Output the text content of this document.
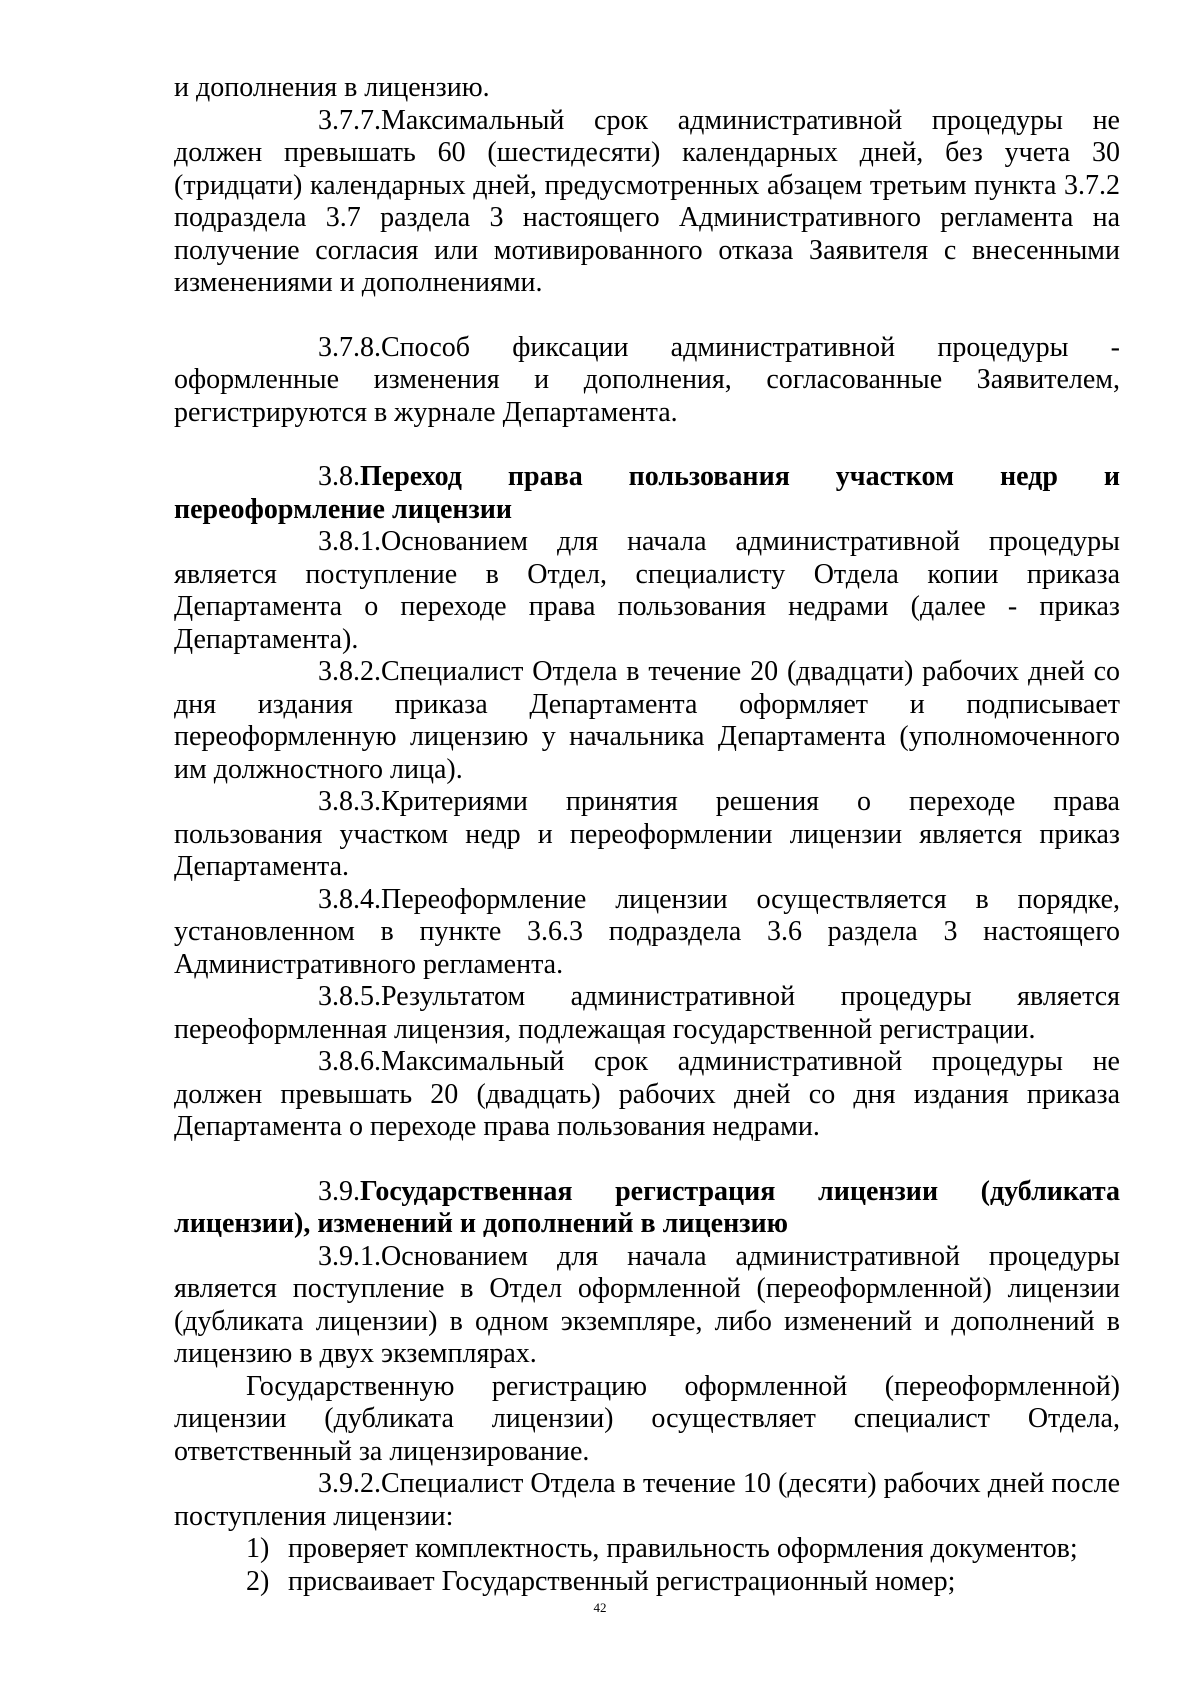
и дополнения в лицензию.

3.7.7.Максимальный срок административной процедуры не должен превышать 60 (шестидесяти) календарных дней, без учета 30 (тридцати) календарных дней, предусмотренных абзацем третьим пункта 3.7.2 подраздела 3.7 раздела 3 настоящего Административного регламента на получение согласия или мотивированного отказа Заявителя с внесенными изменениями и дополнениями.

3.7.8.Способ фиксации административной процедуры - оформленные изменения и дополнения, согласованные Заявителем, регистрируются в журнале Департамента.

3.8.Переход права пользования участком недр и переоформление лицензии

3.8.1.Основанием для начала административной процедуры является поступление в Отдел, специалисту Отдела копии приказа Департамента о переходе права пользования недрами (далее - приказ Департамента).

3.8.2.Специалист Отдела в течение 20 (двадцати) рабочих дней со дня издания приказа Департамента оформляет и подписывает переоформленную лицензию у начальника Департамента (уполномоченного им должностного лица).

3.8.3.Критериями принятия решения о переходе права пользования участком недр и переоформлении лицензии является приказ Департамента.

3.8.4.Переоформление лицензии осуществляется в порядке, установленном в пункте 3.6.3 подраздела 3.6 раздела 3 настоящего Административного регламента.

3.8.5.Результатом административной процедуры является переоформленная лицензия, подлежащая государственной регистрации.

3.8.6.Максимальный срок административной процедуры не должен превышать 20 (двадцать) рабочих дней со дня издания приказа Департамента о переходе права пользования недрами.

3.9.Государственная регистрация лицензии (дубликата лицензии), изменений и дополнений в лицензию

3.9.1.Основанием для начала административной процедуры является поступление в Отдел оформленной (переоформленной) лицензии (дубликата лицензии) в одном экземпляре, либо изменений и дополнений в лицензию в двух экземплярах.

Государственную регистрацию оформленной (переоформленной) лицензии (дубликата лицензии) осуществляет специалист Отдела, ответственный за лицензирование.

3.9.2.Специалист Отдела в течение 10 (десяти) рабочих дней после поступления лицензии:

1) проверяет комплектность, правильность оформления документов;

2) присваивает Государственный регистрационный номер;

42
